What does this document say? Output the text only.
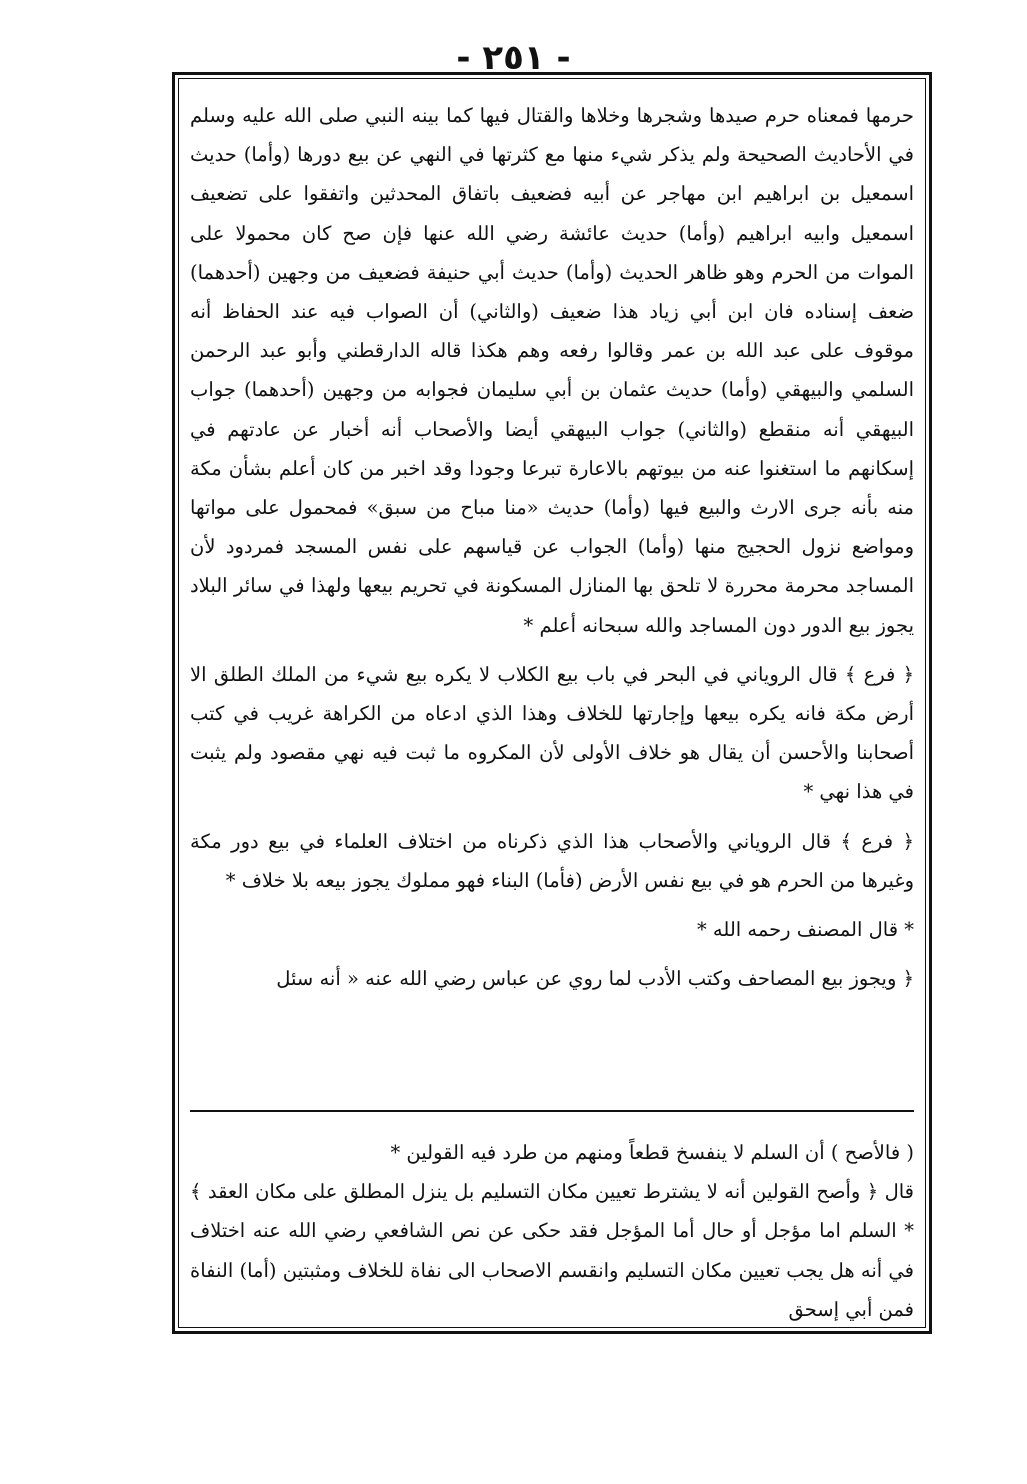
- ٢٥١ -

حرمها فمعناه حرم صيدها وشجرها وخلاها والقتال فيها كما بينه النبي صلى الله عليه وسلم في الأحاديث الصحيحة ولم يذكر شيء منها مع كثرتها في النهي عن بيع دورها (وأما) حديث اسمعيل بن ابراهيم ابن مهاجر عن أبيه فضعيف باتفاق المحدثين واتفقوا على تضعيف اسمعيل وابيه ابراهيم (وأما) حديث عائشة رضي الله عنها فإن صح كان محمولا على الموات من الحرم وهو ظاهر الحديث (وأما) حديث أبي حنيفة فضعيف من وجهين (أحدهما) ضعف إسناده فان ابن أبي زياد هذا ضعيف (والثاني) أن الصواب فيه عند الحفاظ أنه موقوف على عبد الله بن عمر وقالوا رفعه وهم هكذا قاله الدارقطني وأبو عبد الرحمن السلمي والبيهقي (وأما) حديث عثمان بن أبي سليمان فجوابه من وجهين (أحدهما) جواب البيهقي أنه منقطع (والثاني) جواب البيهقي أيضا والأصحاب أنه أخبار عن عادتهم في إسكانهم ما استغنوا عنه من بيوتهم بالاعارة تبرعا وجودا وقد اخبر من كان أعلم بشأن مكة منه بأنه جرى الارث والبيع فيها (وأما) حديث «منا مباح من سبق» فمحمول على مواتها ومواضع نزول الحجيج منها (وأما) الجواب عن قياسهم على نفس المسجد فمردود لأن المساجد محرمة محررة لا تلحق بها المنازل المسكونة في تحريم بيعها ولهذا في سائر البلاد يجوز بيع الدور دون المساجد والله سبحانه أعلم *

﴿ فرع ﴾ قال الروياني في البحر في باب بيع الكلاب لا يكره بيع شيء من الملك الطلق الا أرض مكة فانه يكره بيعها وإجارتها للخلاف وهذا الذي ادعاه من الكراهة غريب في كتب أصحابنا والأحسن أن يقال هو خلاف الأولى لأن المكروه ما ثبت فيه نهي مقصود ولم يثبت في هذا نهي *

﴿ فرع ﴾ قال الروياني والأصحاب هذا الذي ذكرناه من اختلاف العلماء في بيع دور مكة وغيرها من الحرم هو في بيع نفس الأرض (فأما) البناء فهو مملوك يجوز بيعه بلا خلاف *

* قال المصنف رحمه الله *

﴿ ويجوز بيع المصاحف وكتب الأدب لما روي عن عباس رضي الله عنه « أنه سئل

( فالأصح ) أن السلم لا ينفسخ قطعاً ومنهم من طرد فيه القولين *

قال ﴿ وأصح القولين أنه لا يشترط تعيين مكان التسليم بل ينزل المطلق على مكان العقد ﴾ * السلم اما مؤجل أو حال أما المؤجل فقد حكى عن نص الشافعي رضي الله عنه اختلاف في أنه هل يجب تعيين مكان التسليم وانقسم الاصحاب الى نفاة للخلاف ومثبتين (أما) النفاة فمن أبي إسحق
